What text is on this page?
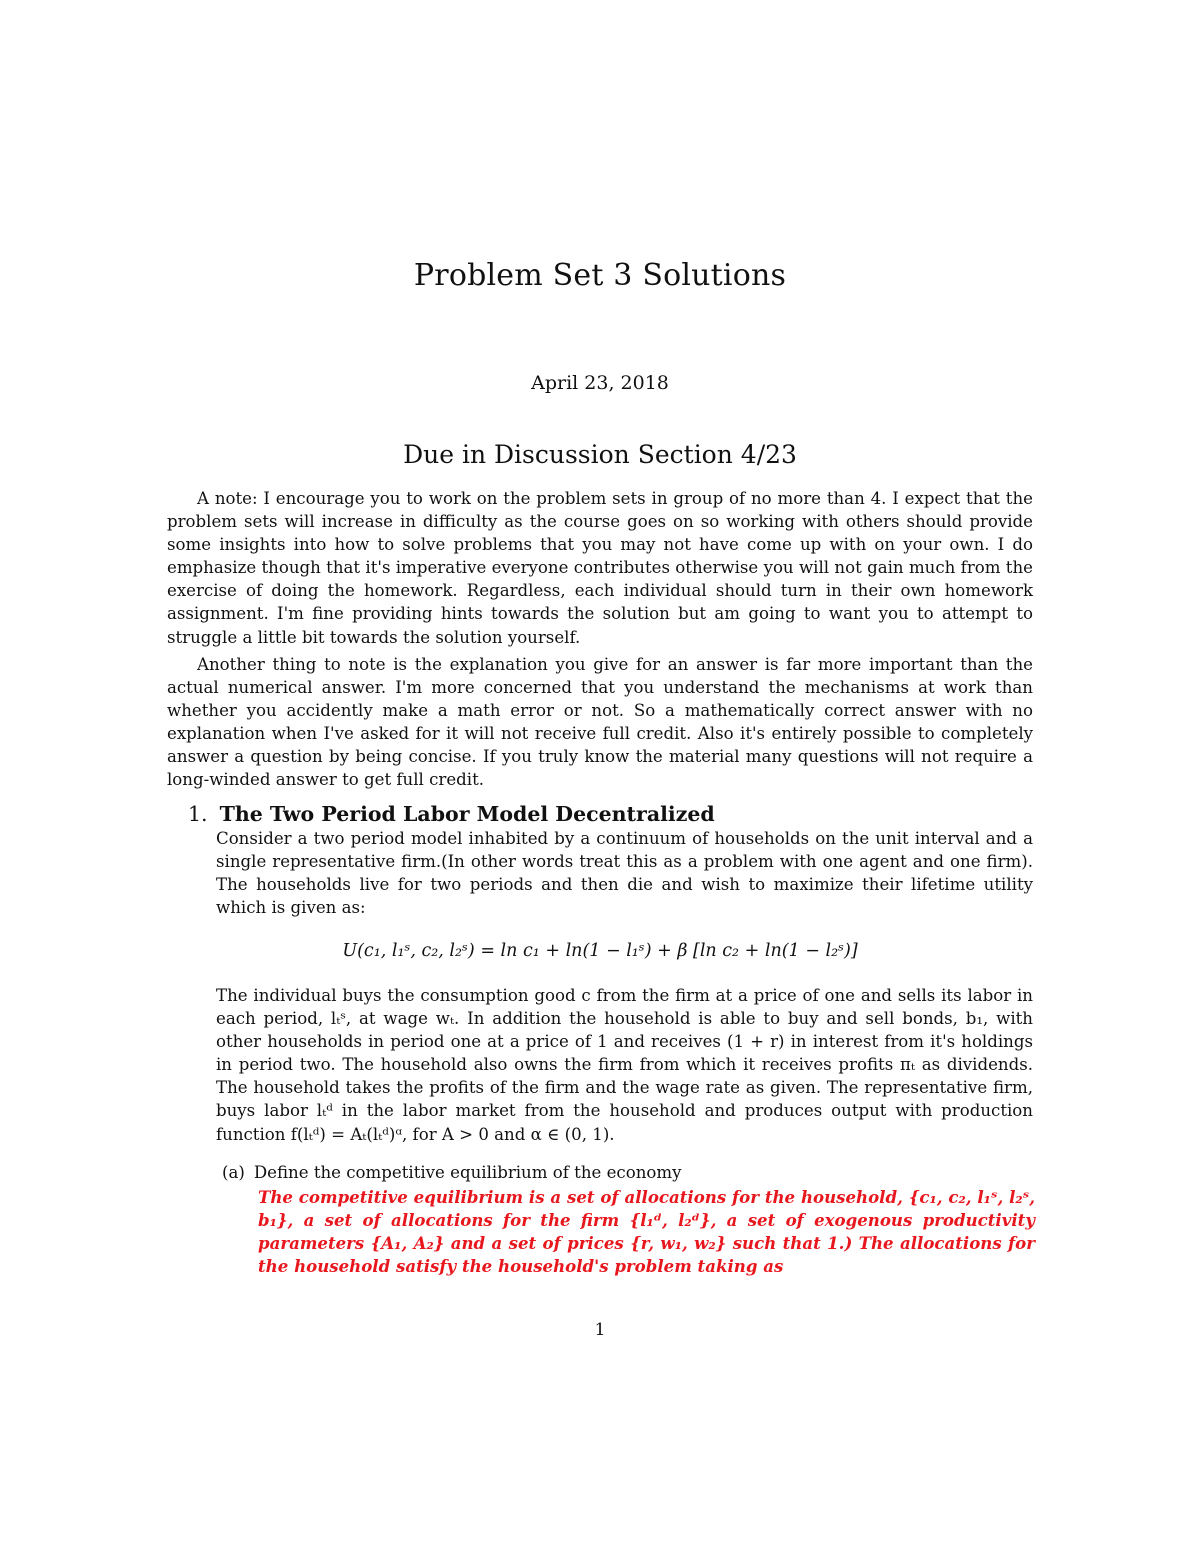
Problem Set 3 Solutions
April 23, 2018
Due in Discussion Section 4/23

A note: I encourage you to work on the problem sets in group of no more than 4. I expect that the problem sets will increase in difficulty as the course goes on so working with others should provide some insights into how to solve problems that you may not have come up with on your own. I do emphasize though that it's imperative everyone contributes otherwise you will not gain much from the exercise of doing the homework. Regardless, each individual should turn in their own homework assignment. I'm fine providing hints towards the solution but am going to want you to attempt to struggle a little bit towards the solution yourself.

Another thing to note is the explanation you give for an answer is far more important than the actual numerical answer. I'm more concerned that you understand the mechanisms at work than whether you accidently make a math error or not. So a mathematically correct answer with no explanation when I've asked for it will not receive full credit. Also it's entirely possible to completely answer a question by being concise. If you truly know the material many questions will not require a long-winded answer to get full credit.

1. The Two Period Labor Model Decentralized

Consider a two period model inhabited by a continuum of households on the unit interval and a single representative firm.(In other words treat this as a problem with one agent and one firm). The households live for two periods and then die and wish to maximize their lifetime utility which is given as:

U(c₁, l₁ˢ, c₂, l₂ˢ) = ln c₁ + ln(1 − l₁ˢ) + β [ln c₂ + ln(1 − l₂ˢ)]

The individual buys the consumption good c from the firm at a price of one and sells its labor in each period, lₜˢ, at wage wₜ. In addition the household is able to buy and sell bonds, b₁, with other households in period one at a price of 1 and receives (1 + r) in interest from it's holdings in period two. The household also owns the firm from which it receives profits πₜ as dividends. The household takes the profits of the firm and the wage rate as given. The representative firm, buys labor lₜᵈ in the labor market from the household and produces output with production function f(lₜᵈ) = Aₜ(lₜᵈ)ᵅ, for A > 0 and α ∈ (0, 1).

(a) Define the competitive equilibrium of the economy

The competitive equilibrium is a set of allocations for the household, {c₁, c₂, l₁ˢ, l₂ˢ, b₁}, a set of allocations for the firm {l₁ᵈ, l₂ᵈ}, a set of exogenous productivity parameters {A₁, A₂} and a set of prices {r, w₁, w₂} such that 1.) The allocations for the household satisfy the household's problem taking as

1
